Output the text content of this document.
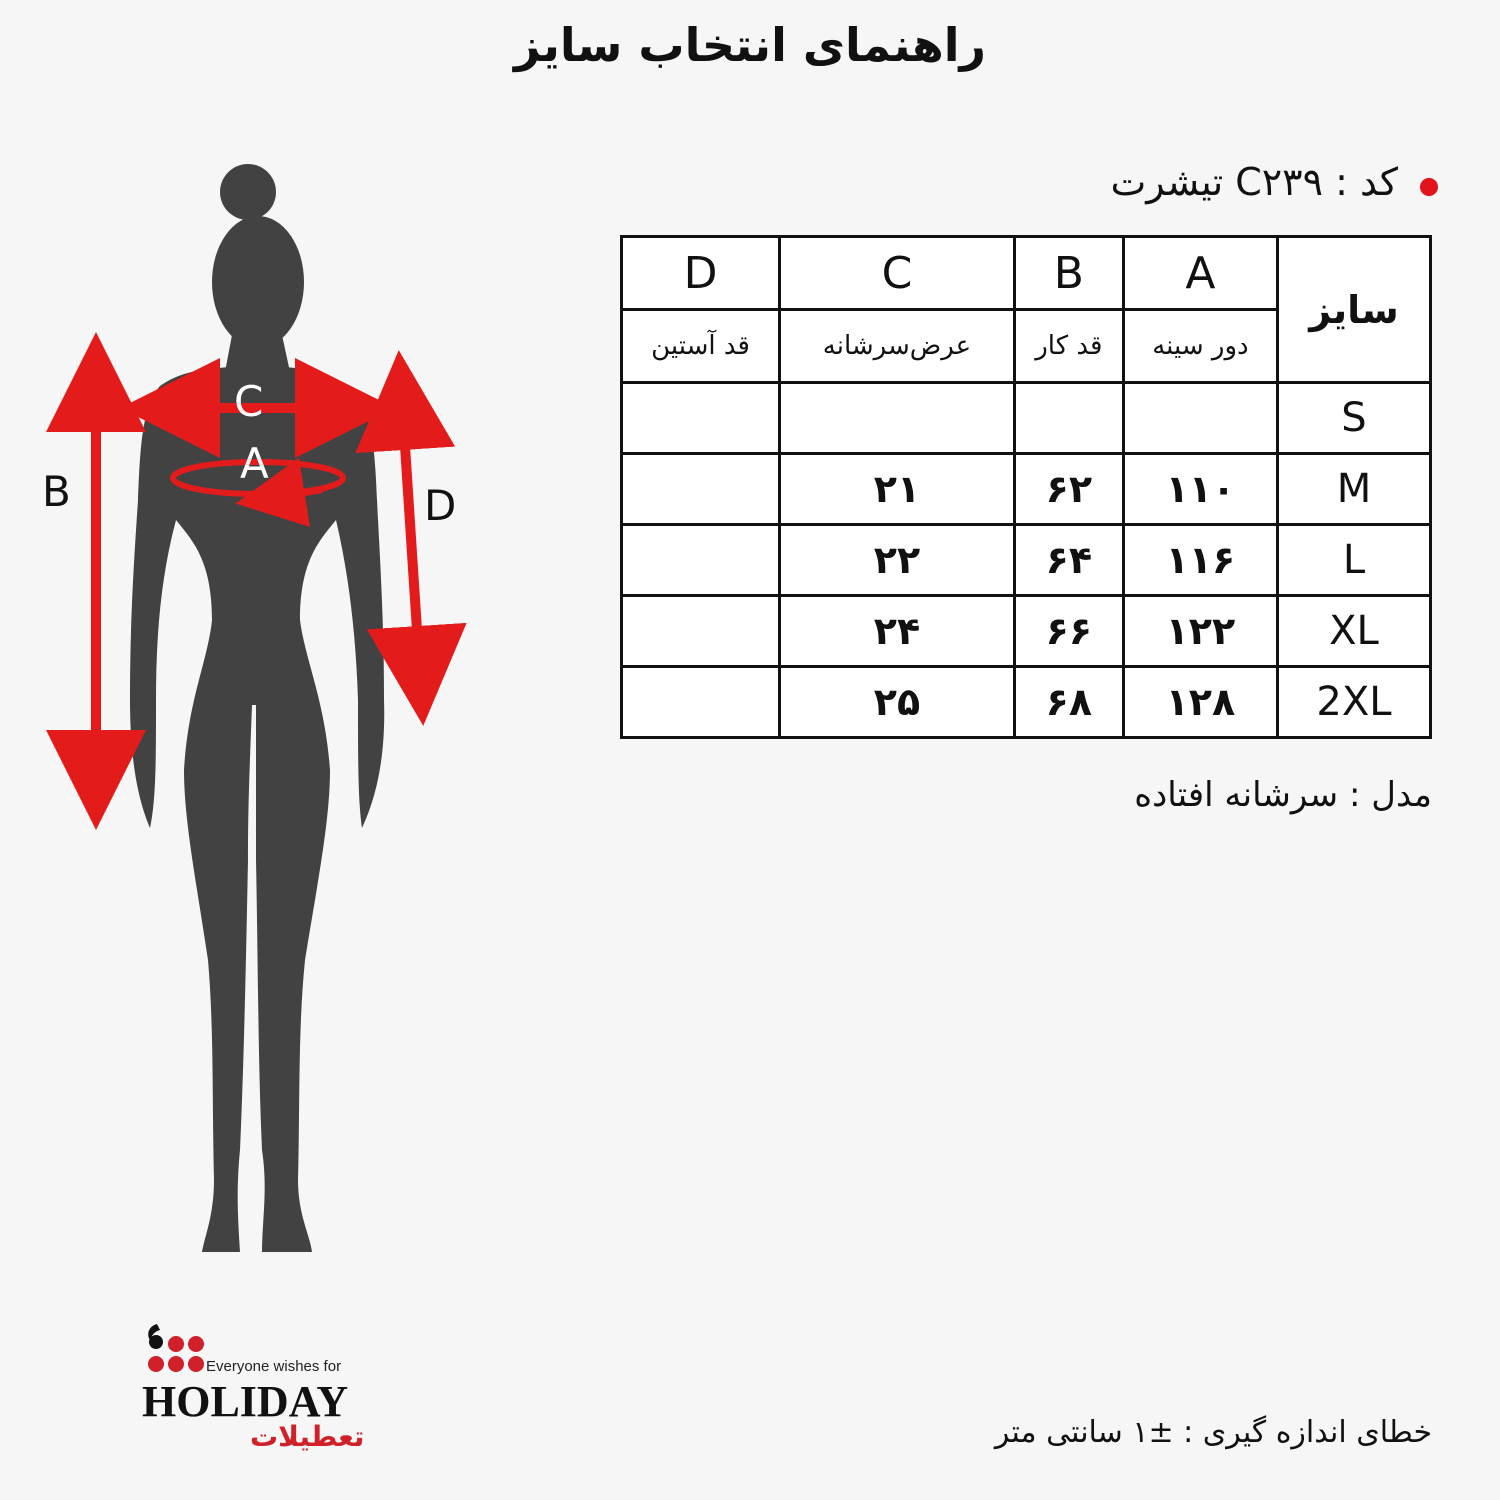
راهنمای انتخاب سایز
کد : C۲۳۹ تیشرت
سایز	A	B	C	D
	دور سینه	قد کار	عرض‌سرشانه	قد آستین
S				
M	۱۱۰	۶۲	۲۱	
L	۱۱۶	۶۴	۲۲	
XL	۱۲۲	۶۶	۲۴	
2XL	۱۲۸	۶۸	۲۵	
مدل : سرشانه افتاده
خطای اندازه گیری : ±۱ سانتی متر
B	D
C
A
Everyone wishes for
HOLIDAY
تعطیلات
